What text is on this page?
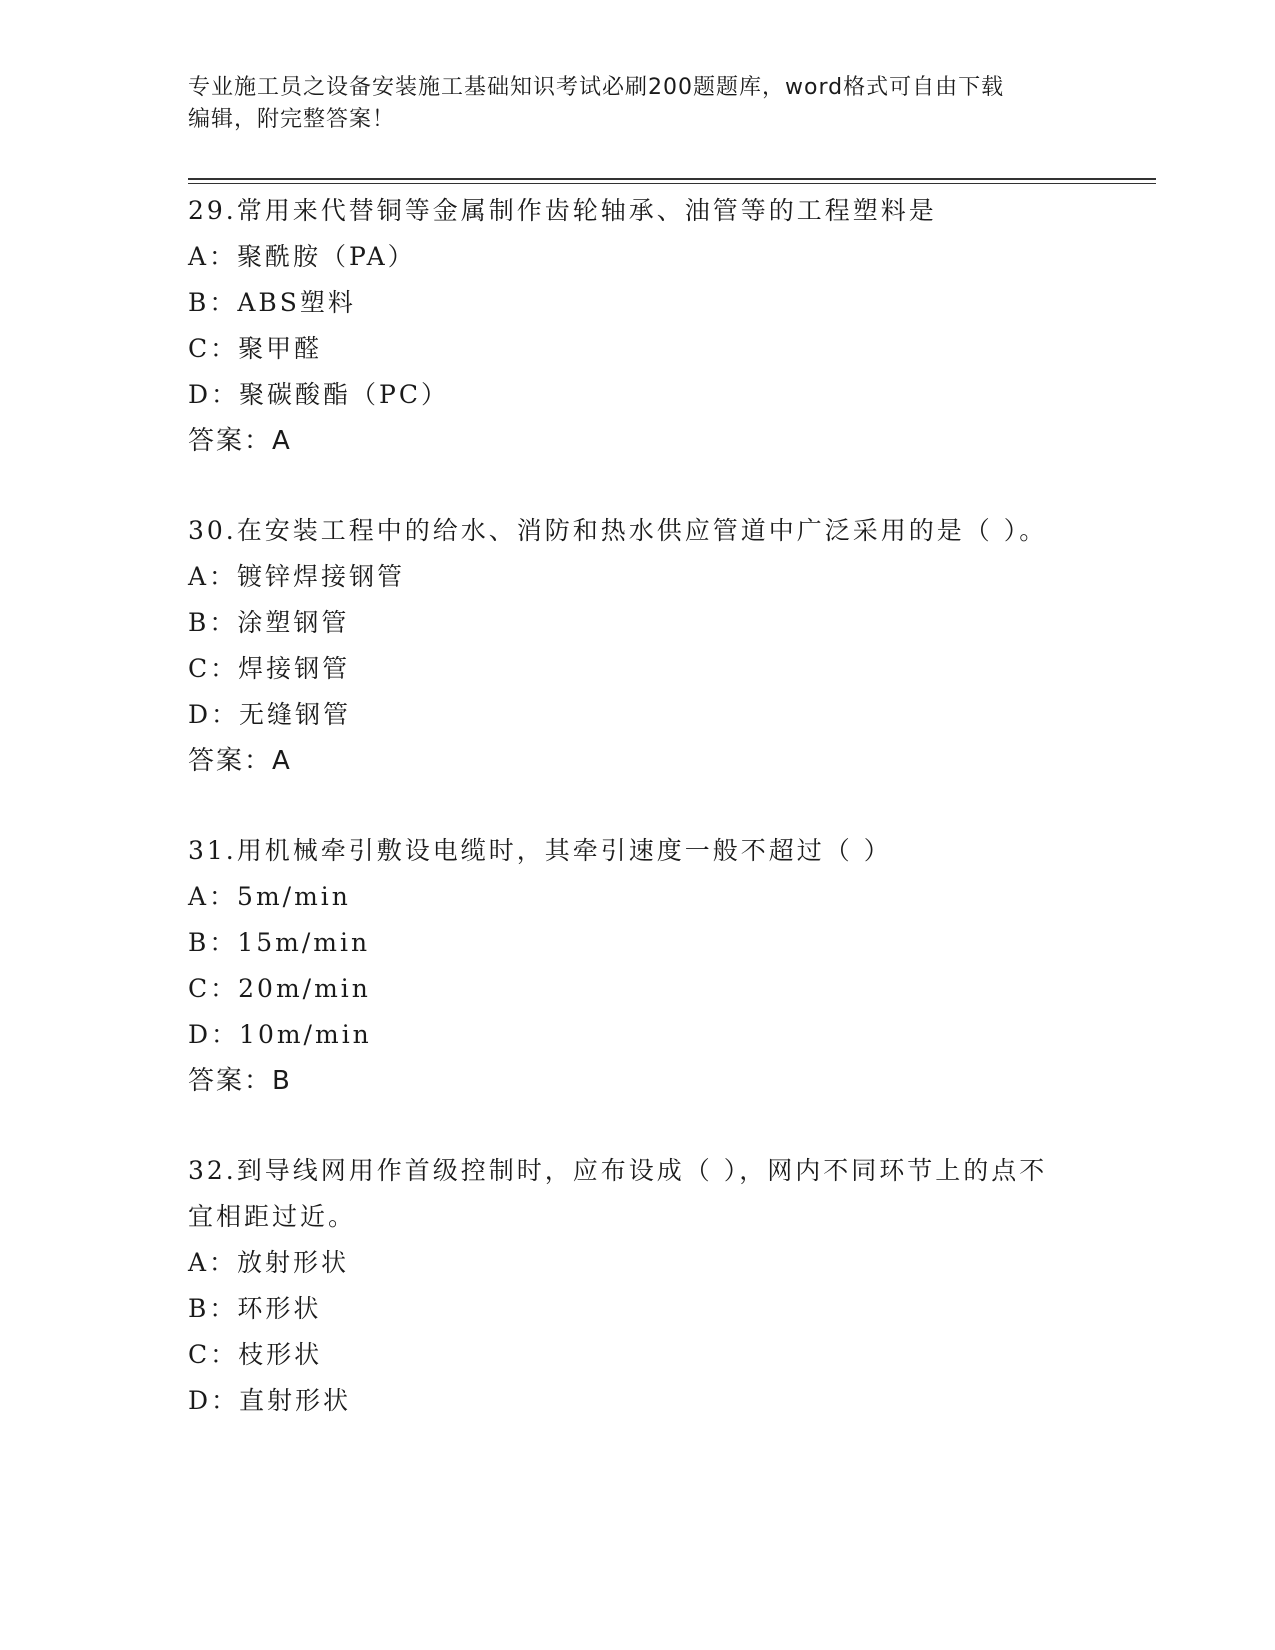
专业施工员之设备安装施工基础知识考试必刷200题题库，word格式可自由下载
编辑，附完整答案！
29.常用来代替铜等金属制作齿轮轴承、油管等的工程塑料是
A：聚酰胺（PA）
B：ABS塑料
C：聚甲醛
D：聚碳酸酯（PC）
答案：A
30.在安装工程中的给水、消防和热水供应管道中广泛采用的是（ ）。
A：镀锌焊接钢管
B：涂塑钢管
C：焊接钢管
D：无缝钢管
答案：A
31.用机械牵引敷设电缆时，其牵引速度一般不超过（ ）
A：5m/min
B：15m/min
C：20m/min
D：10m/min
答案：B
32.到导线网用作首级控制时，应布设成（ ），网内不同环节上的点不宜相距过近。
A：放射形状
B：环形状
C：枝形状
D：直射形状
